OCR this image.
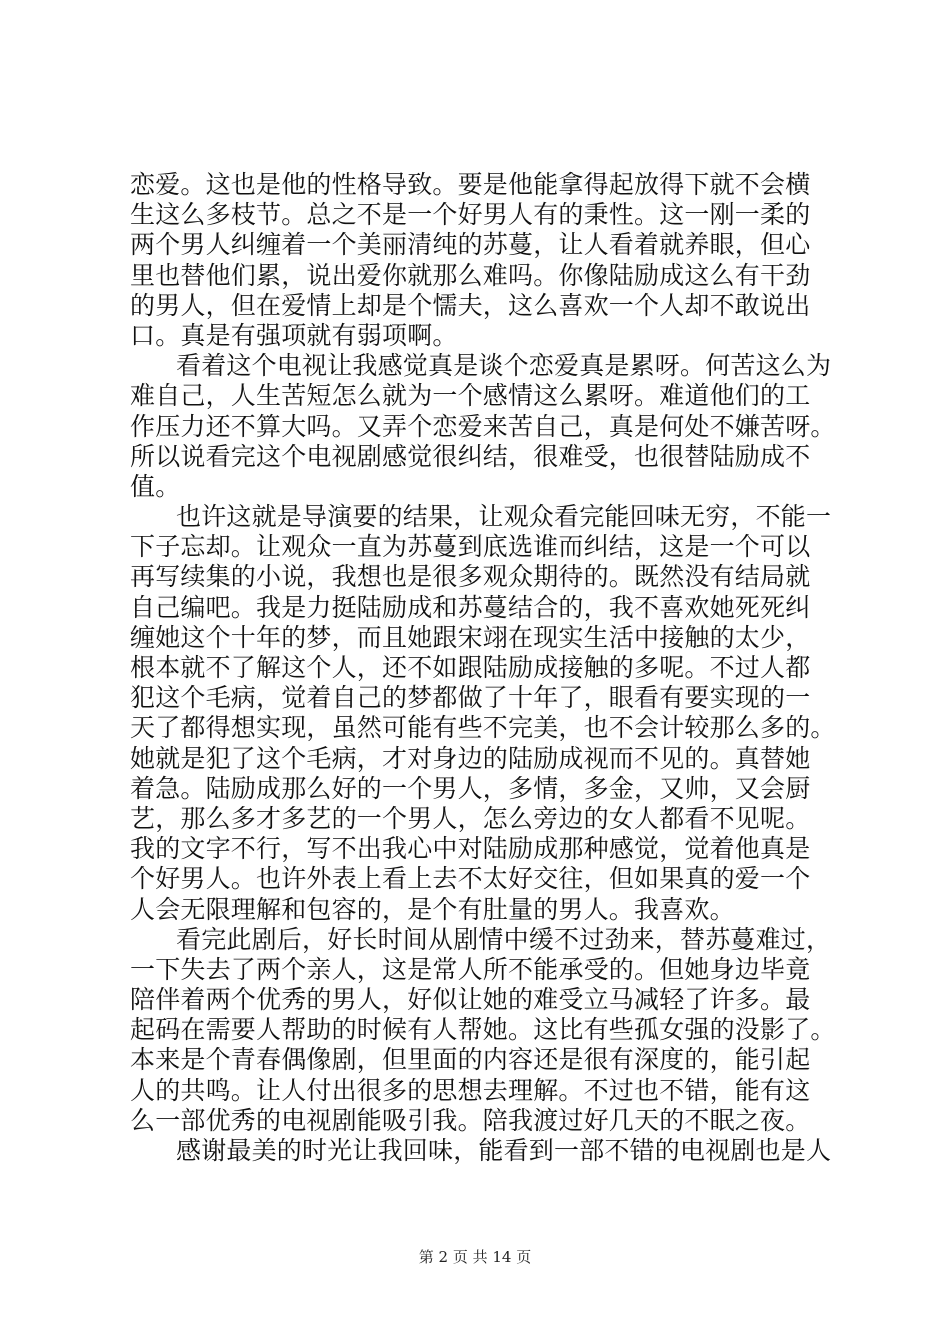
恋爱。这也是他的性格导致。要是他能拿得起放得下就不会横
生这么多枝节。总之不是一个好男人有的秉性。这一刚一柔的
两个男人纠缠着一个美丽清纯的苏蔓，让人看着就养眼，但心
里也替他们累，说出爱你就那么难吗。你像陆励成这么有干劲
的男人，但在爱情上却是个懦夫，这么喜欢一个人却不敢说出
口。真是有强项就有弱项啊。
看着这个电视让我感觉真是谈个恋爱真是累呀。何苦这么为
难自己，人生苦短怎么就为一个感情这么累呀。难道他们的工
作压力还不算大吗。又弄个恋爱来苦自己，真是何处不嫌苦呀。
所以说看完这个电视剧感觉很纠结，很难受，也很替陆励成不
值。
也许这就是导演要的结果，让观众看完能回味无穷，不能一
下子忘却。让观众一直为苏蔓到底选谁而纠结，这是一个可以
再写续集的小说，我想也是很多观众期待的。既然没有结局就
自己编吧。我是力挺陆励成和苏蔓结合的，我不喜欢她死死纠
缠她这个十年的梦，而且她跟宋翊在现实生活中接触的太少，
根本就不了解这个人，还不如跟陆励成接触的多呢。不过人都
犯这个毛病，觉着自己的梦都做了十年了，眼看有要实现的一
天了都得想实现，虽然可能有些不完美，也不会计较那么多的。
她就是犯了这个毛病，才对身边的陆励成视而不见的。真替她
着急。陆励成那么好的一个男人，多情，多金，又帅，又会厨
艺，那么多才多艺的一个男人，怎么旁边的女人都看不见呢。
我的文字不行，写不出我心中对陆励成那种感觉，觉着他真是
个好男人。也许外表上看上去不太好交往，但如果真的爱一个
人会无限理解和包容的，是个有肚量的男人。我喜欢。
看完此剧后，好长时间从剧情中缓不过劲来，替苏蔓难过，
一下失去了两个亲人，这是常人所不能承受的。但她身边毕竟
陪伴着两个优秀的男人，好似让她的难受立马减轻了许多。最
起码在需要人帮助的时候有人帮她。这比有些孤女强的没影了。
本来是个青春偶像剧，但里面的内容还是很有深度的，能引起
人的共鸣。让人付出很多的思想去理解。不过也不错，能有这
么一部优秀的电视剧能吸引我。陪我渡过好几天的不眠之夜。
感谢最美的时光让我回味，能看到一部不错的电视剧也是人
第 2 页 共 14 页
